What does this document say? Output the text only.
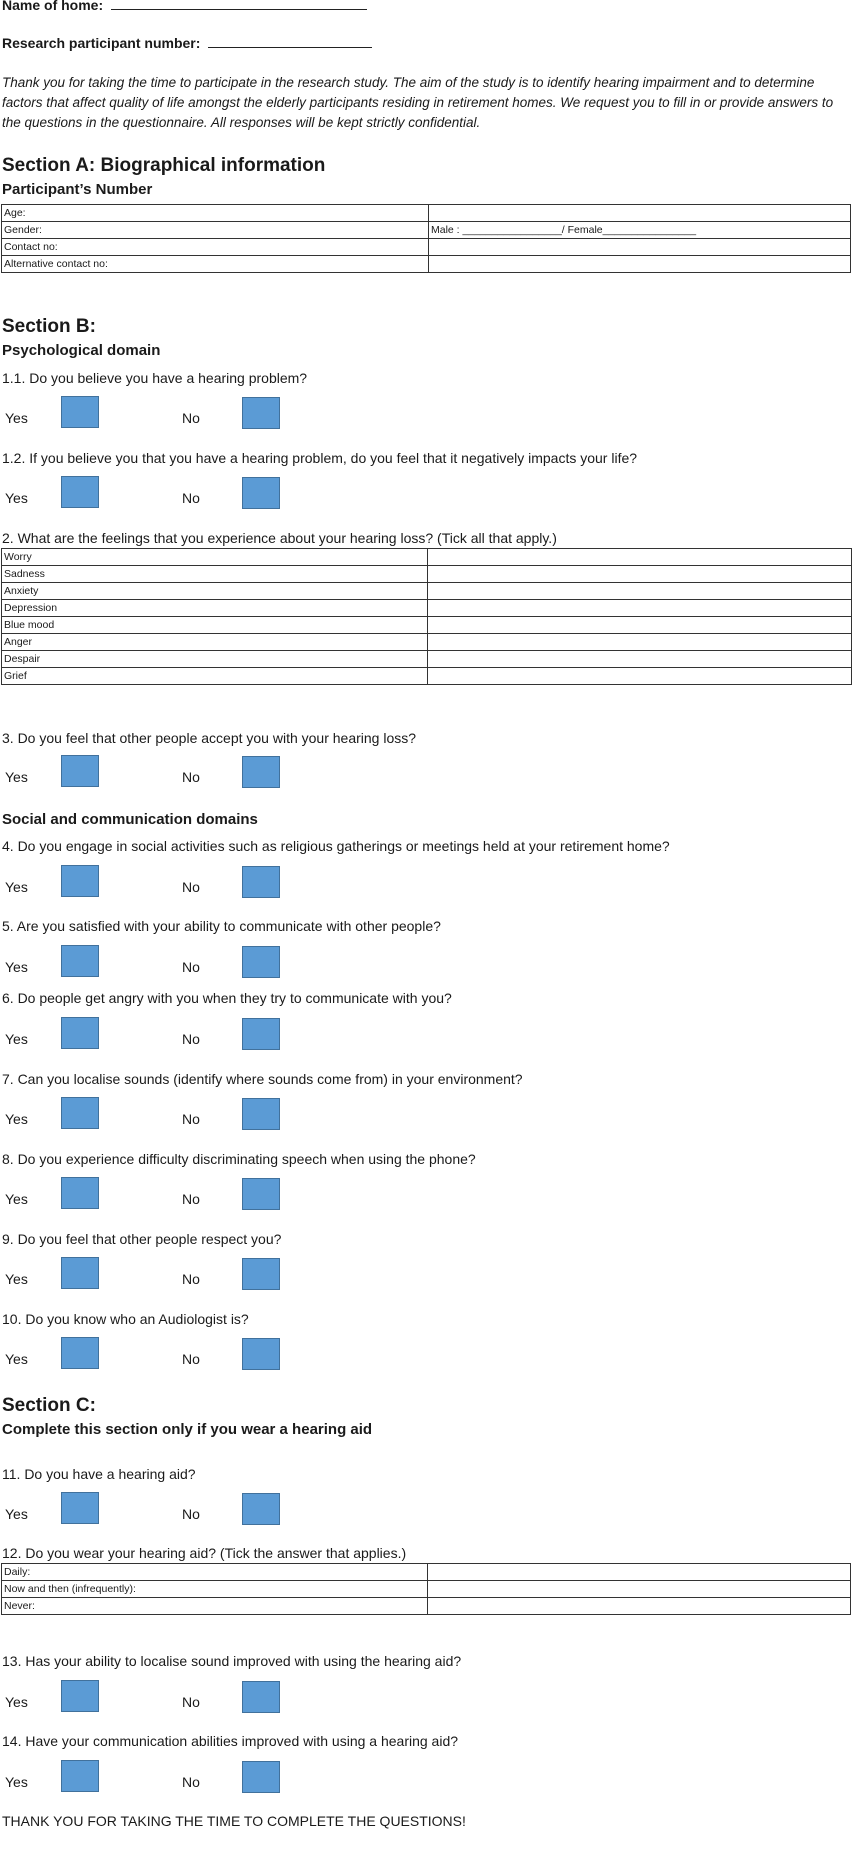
Name of home:
Research participant number:
Thank you for taking the time to participate in the research study. The aim of the study is to identify hearing impairment and to determine factors that affect quality of life amongst the elderly participants residing in retirement homes. We request you to fill in or provide answers to the questions in the questionnaire. All responses will be kept strictly confidential.
Section A: Biographical information
Participant’s Number
Age:	
Gender:	Male : _________________/ Female________________
Contact no:	
Alternative contact no:	
Section B:
Psychological domain
1.1. Do you believe you have a hearing problem?
Yes	No
1.2. If you believe you that you have a hearing problem, do you feel that it negatively impacts your life?
Yes	No
2. What are the feelings that you experience about your hearing loss? (Tick all that apply.)
Worry	
Sadness	
Anxiety	
Depression	
Blue mood	
Anger	
Despair	
Grief	
3. Do you feel that other people accept you with your hearing loss?
Yes	No
Social and communication domains
4. Do you engage in social activities such as religious gatherings or meetings held at your retirement home?
Yes	No
5. Are you satisfied with your ability to communicate with other people?
Yes	No
6. Do people get angry with you when they try to communicate with you?
Yes	No
7. Can you localise sounds (identify where sounds come from) in your environment?
Yes	No
8. Do you experience difficulty discriminating speech when using the phone?
Yes	No
9. Do you feel that other people respect you?
Yes	No
10. Do you know who an Audiologist is?
Yes	No
Section C:
Complete this section only if you wear a hearing aid
11. Do you have a hearing aid?
Yes	No
12. Do you wear your hearing aid? (Tick the answer that applies.)
Daily:	
Now and then (infrequently):	
Never:	
13. Has your ability to localise sound improved with using the hearing aid?
Yes	No
14. Have your communication abilities improved with using a hearing aid?
Yes	No
THANK YOU FOR TAKING THE TIME TO COMPLETE THE QUESTIONS!
